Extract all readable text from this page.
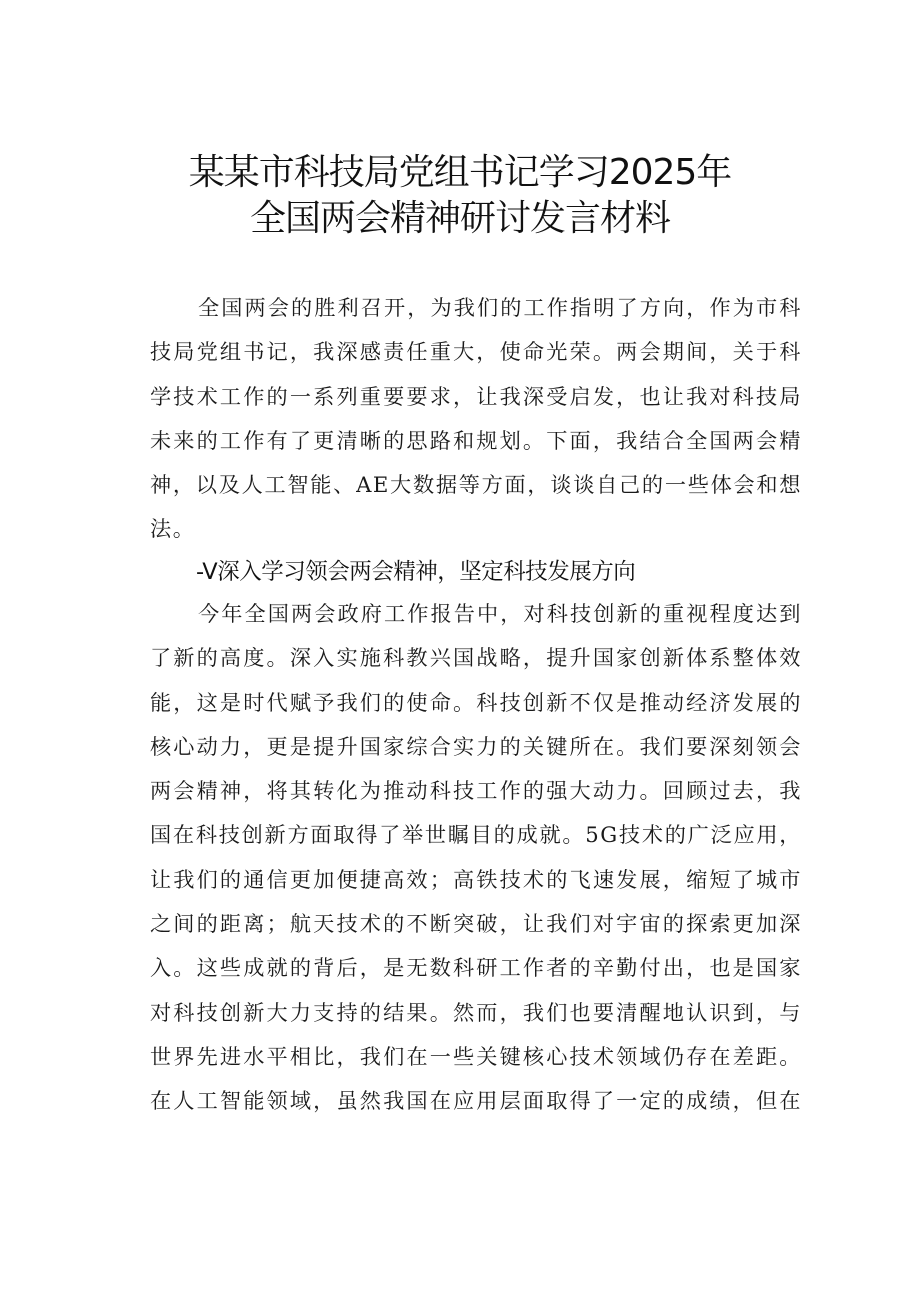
某某市科技局党组书记学习2025年
全国两会精神研讨发言材料
全国两会的胜利召开，为我们的工作指明了方向，作为市科
技局党组书记，我深感责任重大，使命光荣。两会期间，关于科
学技术工作的一系列重要要求，让我深受启发，也让我对科技局
未来的工作有了更清晰的思路和规划。下面，我结合全国两会精
神，以及人工智能、AE大数据等方面，谈谈自己的一些体会和想
法。
-V深入学习领会两会精神，坚定科技发展方向
今年全国两会政府工作报告中，对科技创新的重视程度达到
了新的高度。深入实施科教兴国战略，提升国家创新体系整体效
能，这是时代赋予我们的使命。科技创新不仅是推动经济发展的
核心动力，更是提升国家综合实力的关键所在。我们要深刻领会
两会精神，将其转化为推动科技工作的强大动力。回顾过去，我
国在科技创新方面取得了举世瞩目的成就。5G技术的广泛应用，
让我们的通信更加便捷高效；高铁技术的飞速发展，缩短了城市
之间的距离；航天技术的不断突破，让我们对宇宙的探索更加深
入。这些成就的背后，是无数科研工作者的辛勤付出，也是国家
对科技创新大力支持的结果。然而，我们也要清醒地认识到，与
世界先进水平相比，我们在一些关键核心技术领域仍存在差距。
在人工智能领域，虽然我国在应用层面取得了一定的成绩，但在
